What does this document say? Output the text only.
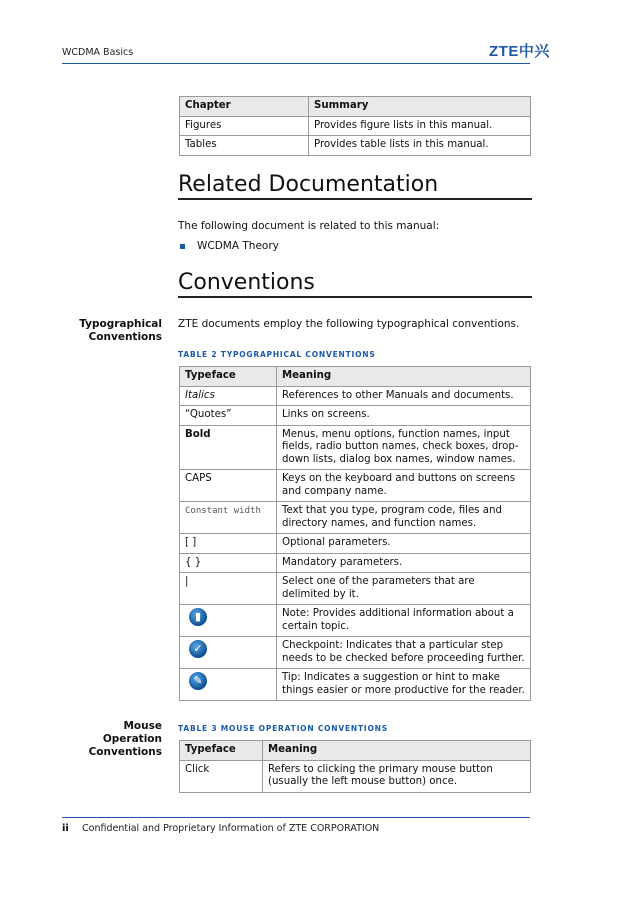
WCDMA Basics	ZTE中兴
Chapter	Summary
Figures	Provides figure lists in this manual.
Tables	Provides table lists in this manual.
Related Documentation
The following document is related to this manual:
WCDMA Theory
Conventions
Typographical Conventions
ZTE documents employ the following typographical conventions.
TABLE 2 TYPOGRAPHICAL CONVENTIONS
Typeface	Meaning
Italics	References to other Manuals and documents.
“Quotes”	Links on screens.
Bold	Menus, menu options, function names, input fields, radio button names, check boxes, drop-down lists, dialog box names, window names.
CAPS	Keys on the keyboard and buttons on screens and company name.
Constant width	Text that you type, program code, files and directory names, and function names.
[ ]	Optional parameters.
{ }	Mandatory parameters.
|	Select one of the parameters that are delimited by it.
▮	Note: Provides additional information about a certain topic.
✓	Checkpoint: Indicates that a particular step needs to be checked before proceeding further.
✎	Tip: Indicates a suggestion or hint to make things easier or more productive for the reader.
Mouse Operation Conventions
TABLE 3 MOUSE OPERATION CONVENTIONS
Typeface	Meaning
Click	Refers to clicking the primary mouse button (usually the left mouse button) once.
ii Confidential and Proprietary Information of ZTE CORPORATION
